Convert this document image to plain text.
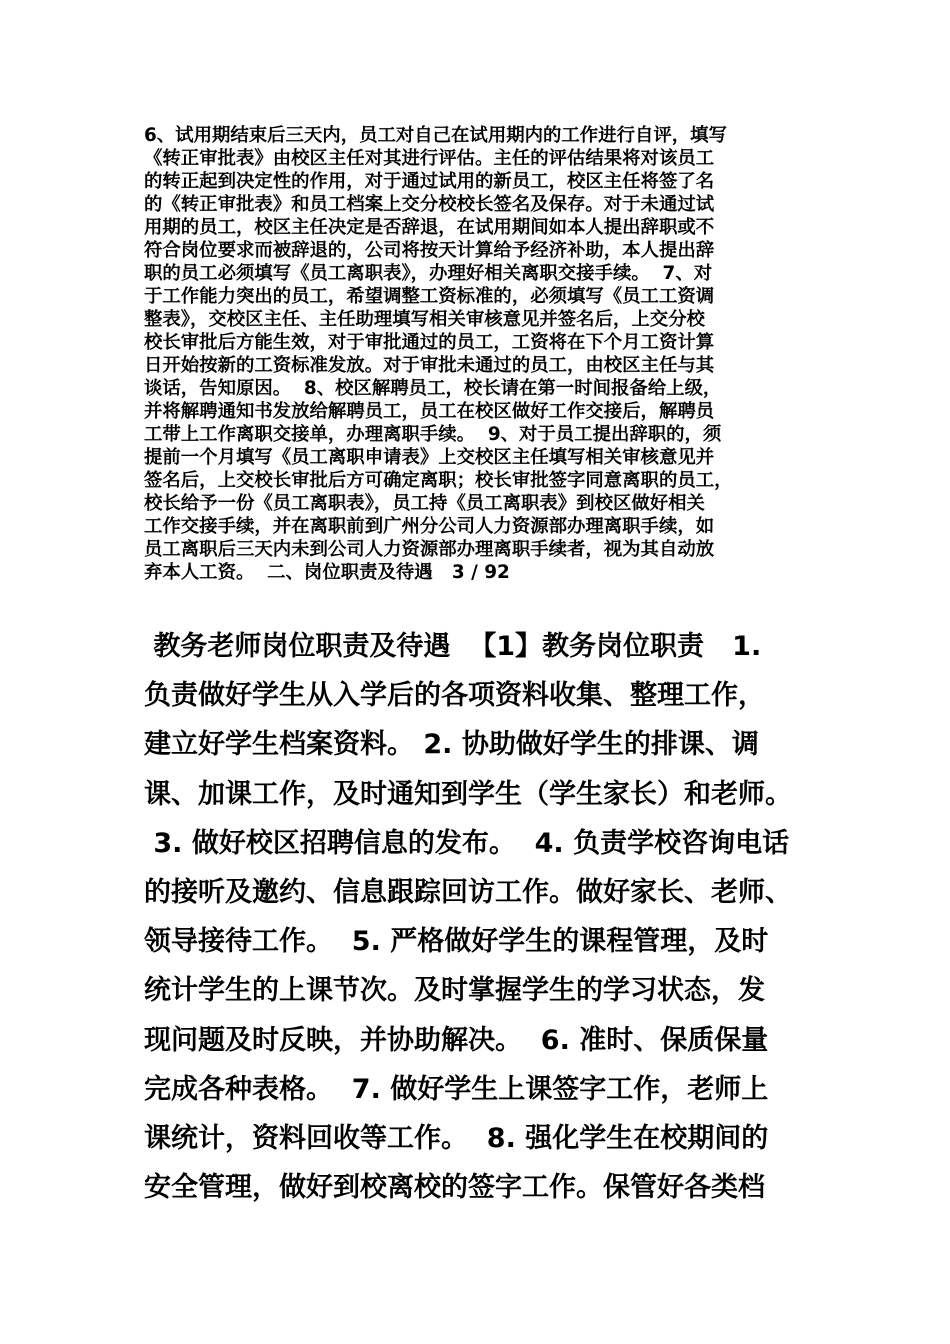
6、试用期结束后三天内，员工对自己在试用期内的工作进行自评，填写
《转正审批表》由校区主任对其进行评估。主任的评估结果将对该员工
的转正起到决定性的作用，对于通过试用的新员工，校区主任将签了名
的《转正审批表》和员工档案上交分校校长签名及保存。对于未通过试
用期的员工，校区主任决定是否辞退，在试用期间如本人提出辞职或不
符合岗位要求而被辞退的，公司将按天计算给予经济补助，本人提出辞
职的员工必须填写《员工离职表》，办理好相关离职交接手续。  7、对
于工作能力突出的员工，希望调整工资标准的，必须填写《员工工资调
整表》，交校区主任、主任助理填写相关审核意见并签名后，上交分校
校长审批后方能生效，对于审批通过的员工，工资将在下个月工资计算
日开始按新的工资标准发放。对于审批未通过的员工，由校区主任与其
谈话，告知原因。  8、校区解聘员工，校长请在第一时间报备给上级，
并将解聘通知书发放给解聘员工，员工在校区做好工作交接后，解聘员
工带上工作离职交接单，办理离职手续。  9、对于员工提出辞职的，须
提前一个月填写《员工离职申请表》上交校区主任填写相关审核意见并
签名后，上交校长审批后方可确定离职；校长审批签字同意离职的员工，
校长给予一份《员工离职表》，员工持《员工离职表》到校区做好相关
工作交接手续，并在离职前到广州分公司人力资源部办理离职手续，如
员工离职后三天内未到公司人力资源部办理离职手续者，视为其自动放
弃本人工资。  二、岗位职责及待遇   3 / 92
教务老师岗位职责及待遇  【1】教务岗位职责   1.
负责做好学生从入学后的各项资料收集、整理工作，
建立好学生档案资料。 2. 协助做好学生的排课、调
课、加课工作，及时通知到学生（学生家长）和老师。
3. 做好校区招聘信息的发布。  4. 负责学校咨询电话
的接听及邀约、信息跟踪回访工作。做好家长、老师、
领导接待工作。  5. 严格做好学生的课程管理，及时
统计学生的上课节次。及时掌握学生的学习状态，发
现问题及时反映，并协助解决。  6. 准时、保质保量
完成各种表格。  7. 做好学生上课签字工作，老师上
课统计，资料回收等工作。  8. 强化学生在校期间的
安全管理，做好到校离校的签字工作。保管好各类档
